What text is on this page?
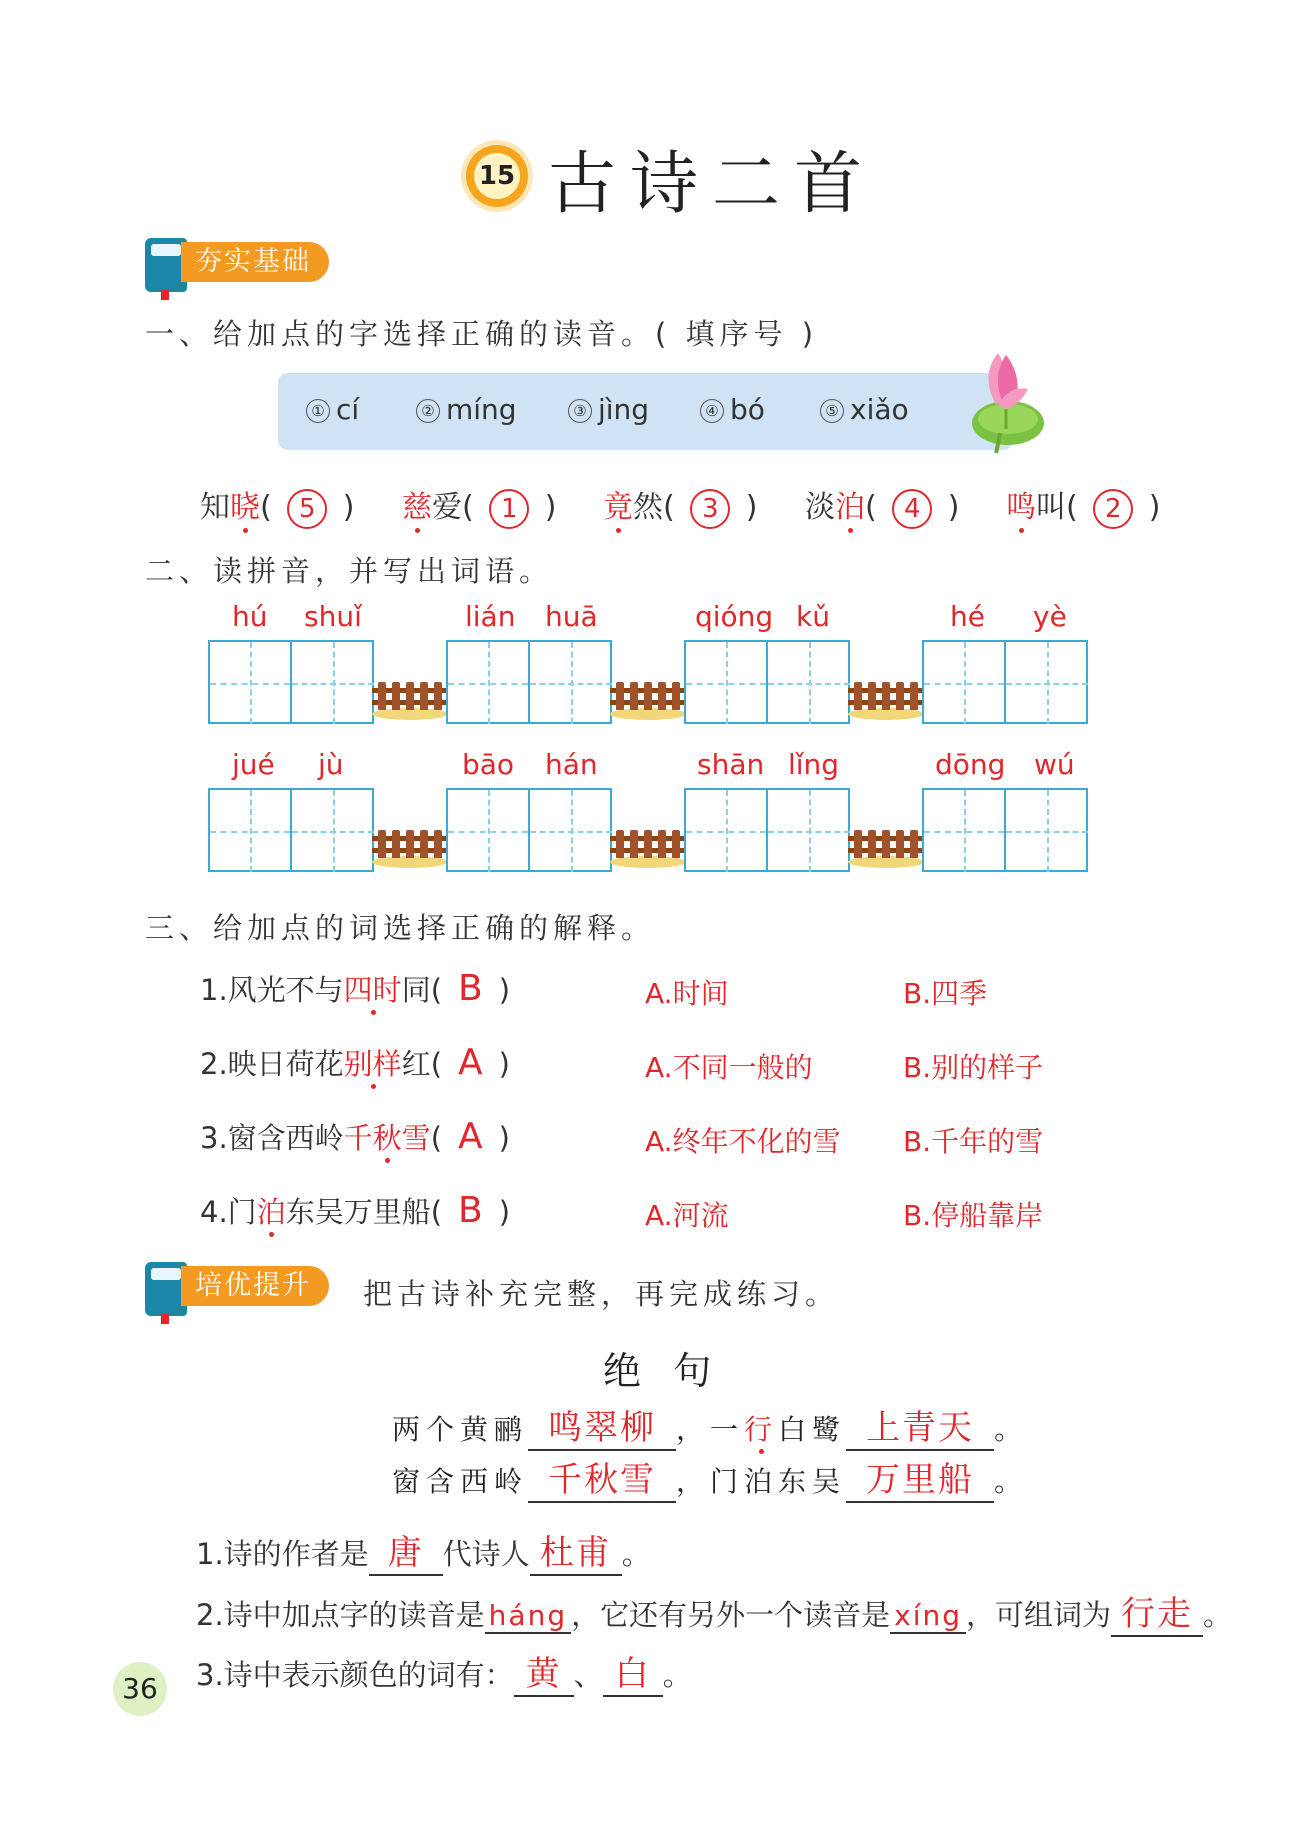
15 古诗二首
夯实基础
一、给加点的字选择正确的读音。( 填序号 )
① cí	② míng	③ jìng	④ bó	⑤ xiǎo
知晓( 5 ) 慈爱( 1 ) 竟然( 3 ) 淡泊( 4 ) 鸣叫( 2 )
二、读拼音，并写出词语。
hú shuǐ	lián huā	qióng kǔ	hé yè
jué jù	bāo hán	shān lǐng	dōng wú
三、给加点的词选择正确的解释。
1.风光不与四时同( B )	A.时间	B.四季
2.映日荷花别样红( A )	A.不同一般的	B.别的样子
3.窗含西岭千秋雪( A )	A.终年不化的雪 B.千年的雪
4.门泊东吴万里船( B )	A.河流	B.停船靠岸
培优提升	把古诗补充完整，再完成练习。
绝 句
两个黄鹂 鸣翠柳 ，一行白鹭 上青天 。
窗含西岭 千秋雪 ，门泊东吴 万里船 。
1.诗的作者是 唐 代诗人 杜甫 。
2.诗中加点字的读音是 háng ，它还有另外一个读音是 xíng ，可组词为 行走 。
3.诗中表示颜色的词有： 黄 、 白 。
36
